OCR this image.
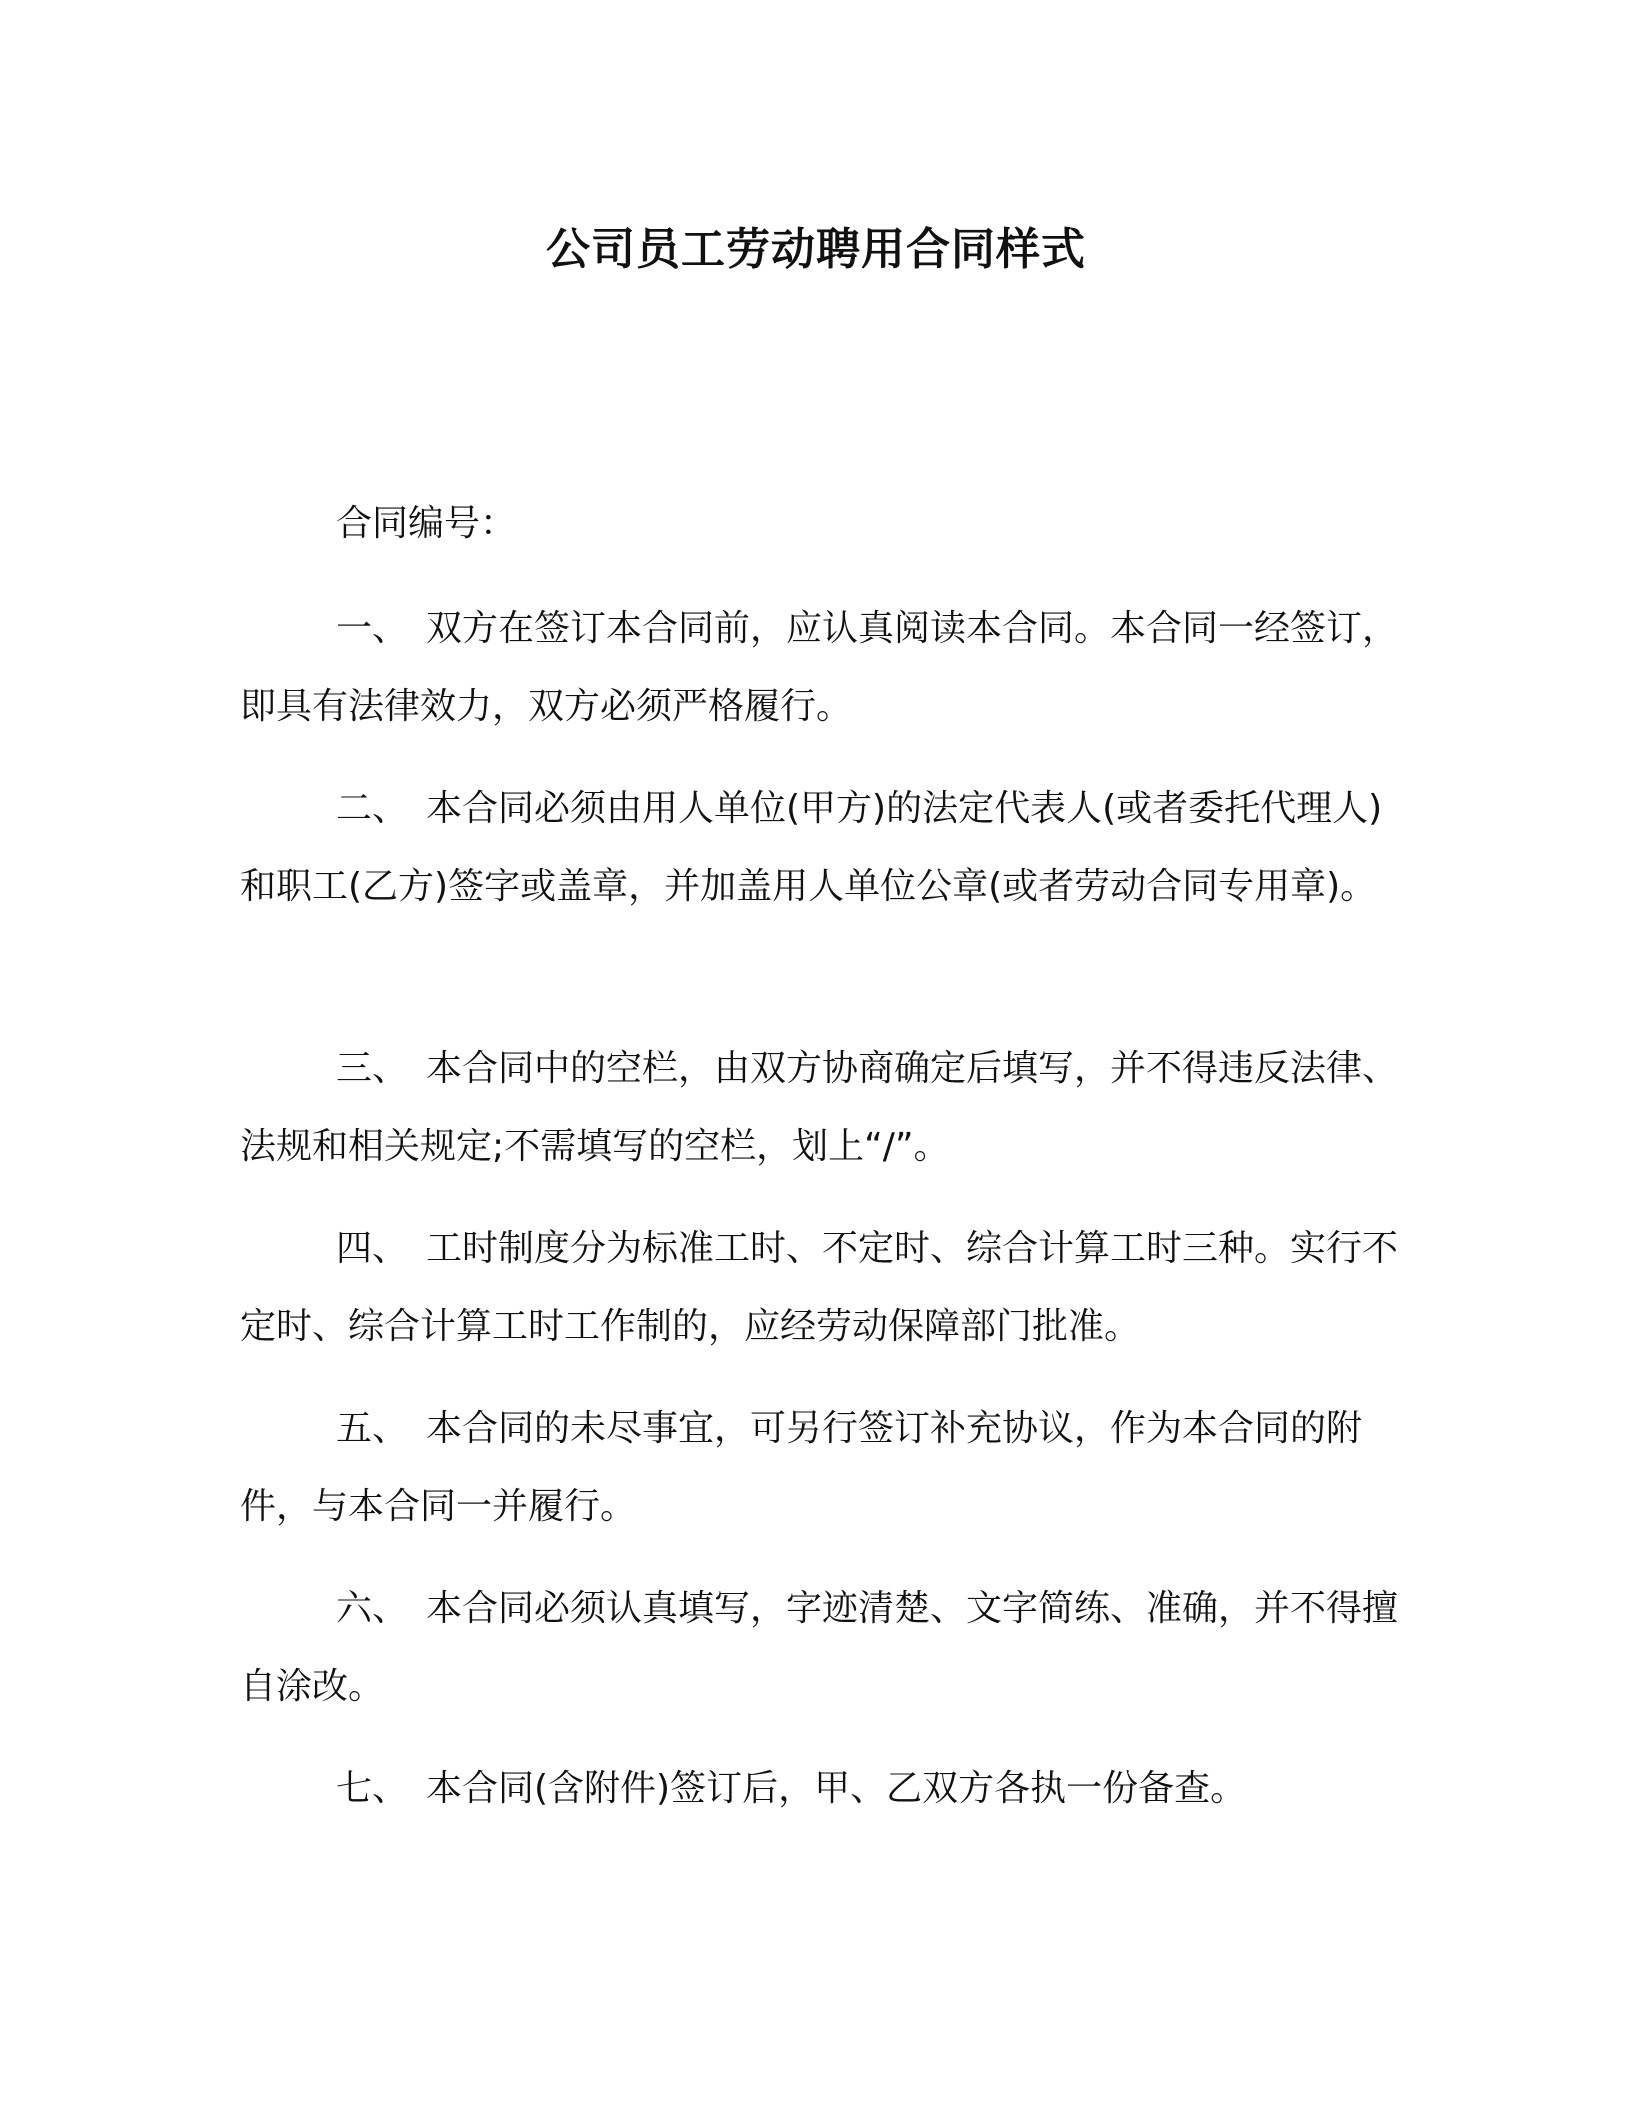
公司员工劳动聘用合同样式
合同编号：

一、 双方在签订本合同前，应认真阅读本合同。本合同一经签订，即具有法律效力，双方必须严格履行。

二、 本合同必须由用人单位(甲方)的法定代表人(或者委托代理人)和职工(乙方)签字或盖章，并加盖用人单位公章(或者劳动合同专用章)。

三、 本合同中的空栏，由双方协商确定后填写，并不得违反法律、法规和相关规定;不需填写的空栏，划上“/”。

四、 工时制度分为标准工时、不定时、综合计算工时三种。实行不定时、综合计算工时工作制的，应经劳动保障部门批准。

五、 本合同的未尽事宜，可另行签订补充协议，作为本合同的附件，与本合同一并履行。

六、 本合同必须认真填写，字迹清楚、文字简练、准确，并不得擅自涂改。

七、 本合同(含附件)签订后，甲、乙双方各执一份备查。
